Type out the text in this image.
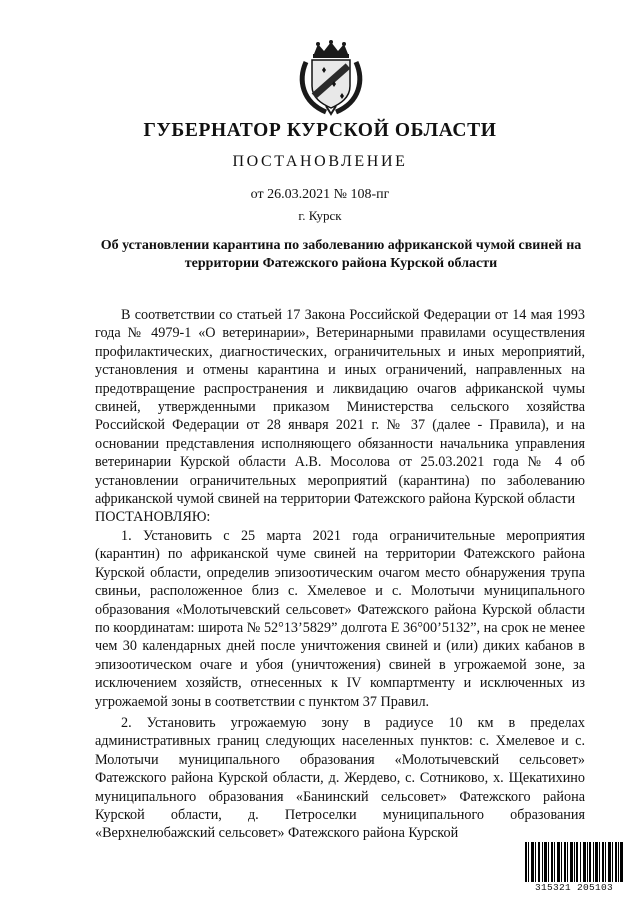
ГУБЕРНАТОР КУРСКОЙ ОБЛАСТИ
ПОСТАНОВЛЕНИЕ
от 26.03.2021 № 108-пг
г. Курск
Об установлении карантина по заболеванию африканской чумой свиней на территории Фатежского района Курской области

В соответствии со статьей 17 Закона Российской Федерации от 14 мая 1993 года № 4979-1 «О ветеринарии», Ветеринарными правилами осуществления профилактических, диагностических, ограничительных и иных мероприятий, установления и отмены карантина и иных ограничений, направленных на предотвращение распространения и ликвидацию очагов африканской чумы свиней, утвержденными приказом Министерства сельского хозяйства Российской Федерации от 28 января 2021 г. № 37 (далее - Правила), и на основании представления исполняющего обязанности начальника управления ветеринарии Курской области А.В. Мосолова от 25.03.2021 года № 4 об установлении ограничительных мероприятий (карантина) по заболеванию африканской чумой свиней на территории Фатежского района Курской области

ПОСТАНОВЛЯЮ:

1. Установить с 25 марта 2021 года ограничительные мероприятия (карантин) по африканской чуме свиней на территории Фатежского района Курской области, определив эпизоотическим очагом место обнаружения трупа свиньи, расположенное близ с. Хмелевое и с. Молотычи муниципального образования «Молотычевский сельсовет» Фатежского района Курской области по координатам: широта № 52°13’5829” долгота Е 36°00’5132”, на срок не менее чем 30 календарных дней после уничтожения свиней и (или) диких кабанов в эпизоотическом очаге и убоя (уничтожения) свиней в угрожаемой зоне, за исключением хозяйств, отнесенных к IV компартменту и исключенных из угрожаемой зоны в соответствии с пунктом 37 Правил.

2. Установить угрожаемую зону в радиусе 10 км в пределах административных границ следующих населенных пунктов: с. Хмелевое и с. Молотычи муниципального образования «Молотычевский сельсовет» Фатежского района Курской области, д. Жердево, с. Сотниково, х. Щекатихино муниципального образования «Банинский сельсовет» Фатежского района Курской области, д. Петроселки муниципального образования «Верхнелюбажский сельсовет» Фатежского района Курской

315321 205103
